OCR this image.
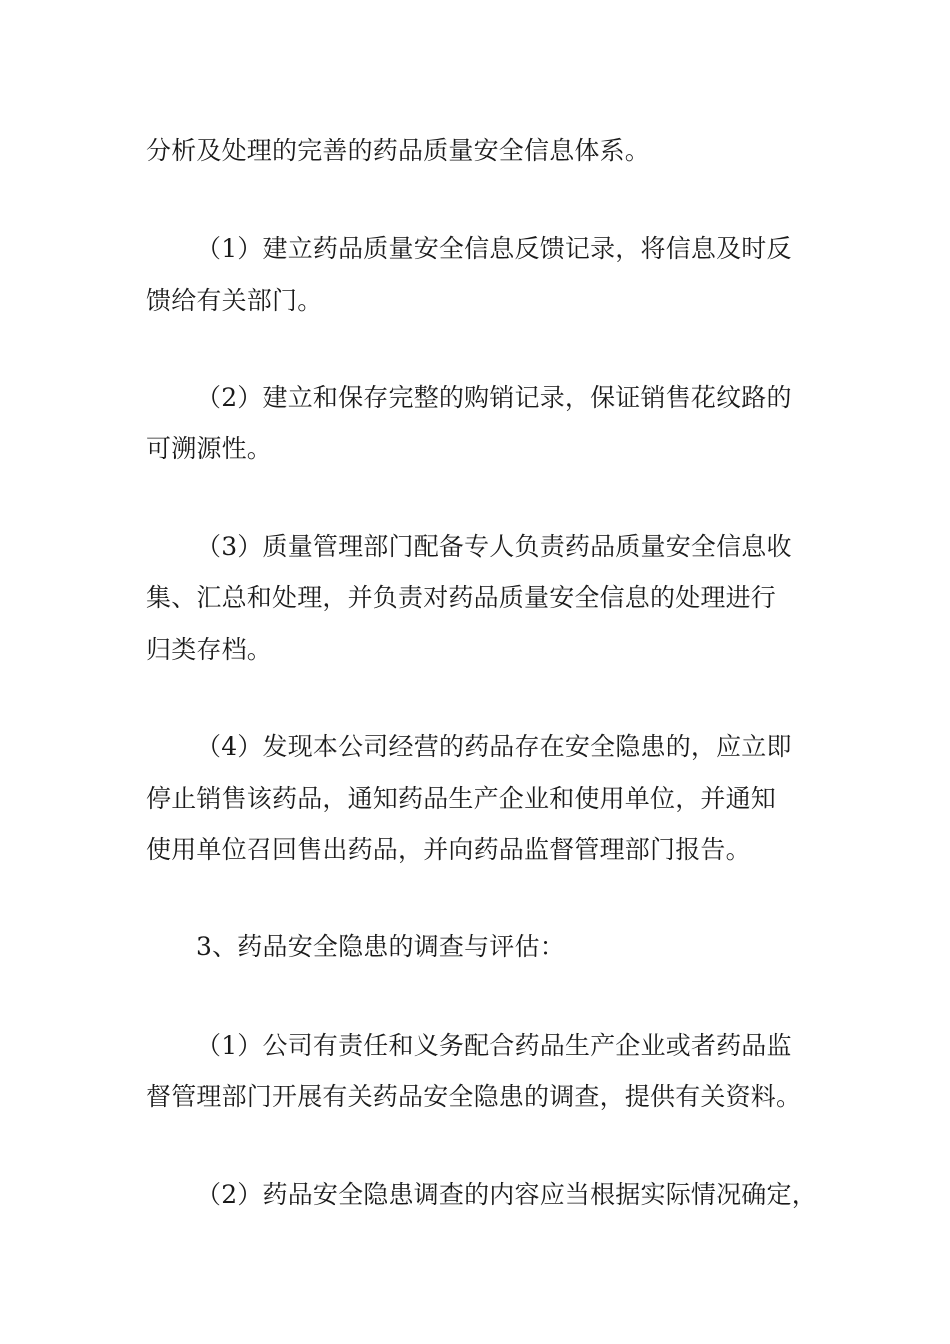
分析及处理的完善的药品质量安全信息体系。
（1）建立药品质量安全信息反馈记录，将信息及时反
馈给有关部门。
（2）建立和保存完整的购销记录，保证销售花纹路的
可溯源性。
（3）质量管理部门配备专人负责药品质量安全信息收
集、汇总和处理，并负责对药品质量安全信息的处理进行
归类存档。
（4）发现本公司经营的药品存在安全隐患的，应立即
停止销售该药品，通知药品生产企业和使用单位，并通知
使用单位召回售出药品，并向药品监督管理部门报告。
3、药品安全隐患的调查与评估：
（1）公司有责任和义务配合药品生产企业或者药品监
督管理部门开展有关药品安全隐患的调查，提供有关资料。
（2）药品安全隐患调查的内容应当根据实际情况确定，
